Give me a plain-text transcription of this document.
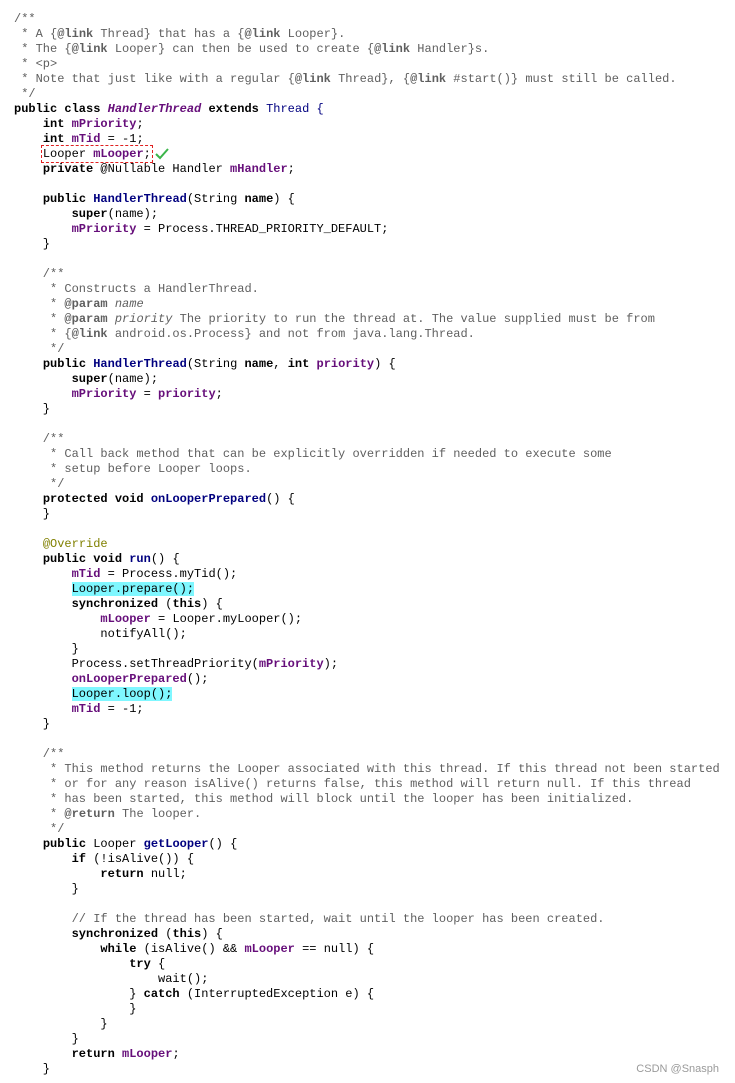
/**
* A {@link Thread} that has a {@link Looper}.
* The {@link Looper} can then be used to create {@link Handler}s.
* <p>
* Note that just like with a regular {@link Thread}, {@link #start()} must still be called.
*/
public class HandlerThread extends Thread {
int mPriority;
int mTid = -1;
Looper mLooper;
private @Nullable Handler mHandler;
public HandlerThread(String name) {
super(name);
mPriority = Process.THREAD_PRIORITY_DEFAULT;
}
/**
* Constructs a HandlerThread.
* @param name
* @param priority The priority to run the thread at. The value supplied must be from
* {@link android.os.Process} and not from java.lang.Thread.
*/
public HandlerThread(String name, int priority) {
super(name);
mPriority = priority;
}
/**
* Call back method that can be explicitly overridden if needed to execute some
* setup before Looper loops.
*/
protected void onLooperPrepared() {
}
@Override
public void run() {
mTid = Process.myTid();
Looper.prepare();
synchronized (this) {
mLooper = Looper.myLooper();
notifyAll();
}
Process.setThreadPriority(mPriority);
onLooperPrepared();
Looper.loop();
mTid = -1;
}
/**
* This method returns the Looper associated with this thread. If this thread not been started
* or for any reason isAlive() returns false, this method will return null. If this thread
* has been started, this method will block until the looper has been initialized.
* @return The looper.
*/
public Looper getLooper() {
if (!isAlive()) {
return null;
}
// If the thread has been started, wait until the looper has been created.
synchronized (this) {
while (isAlive() && mLooper == null) {
try {
wait();
} catch (InterruptedException e) {
}
}
}
return mLooper;
}	CSDN @Snasph
